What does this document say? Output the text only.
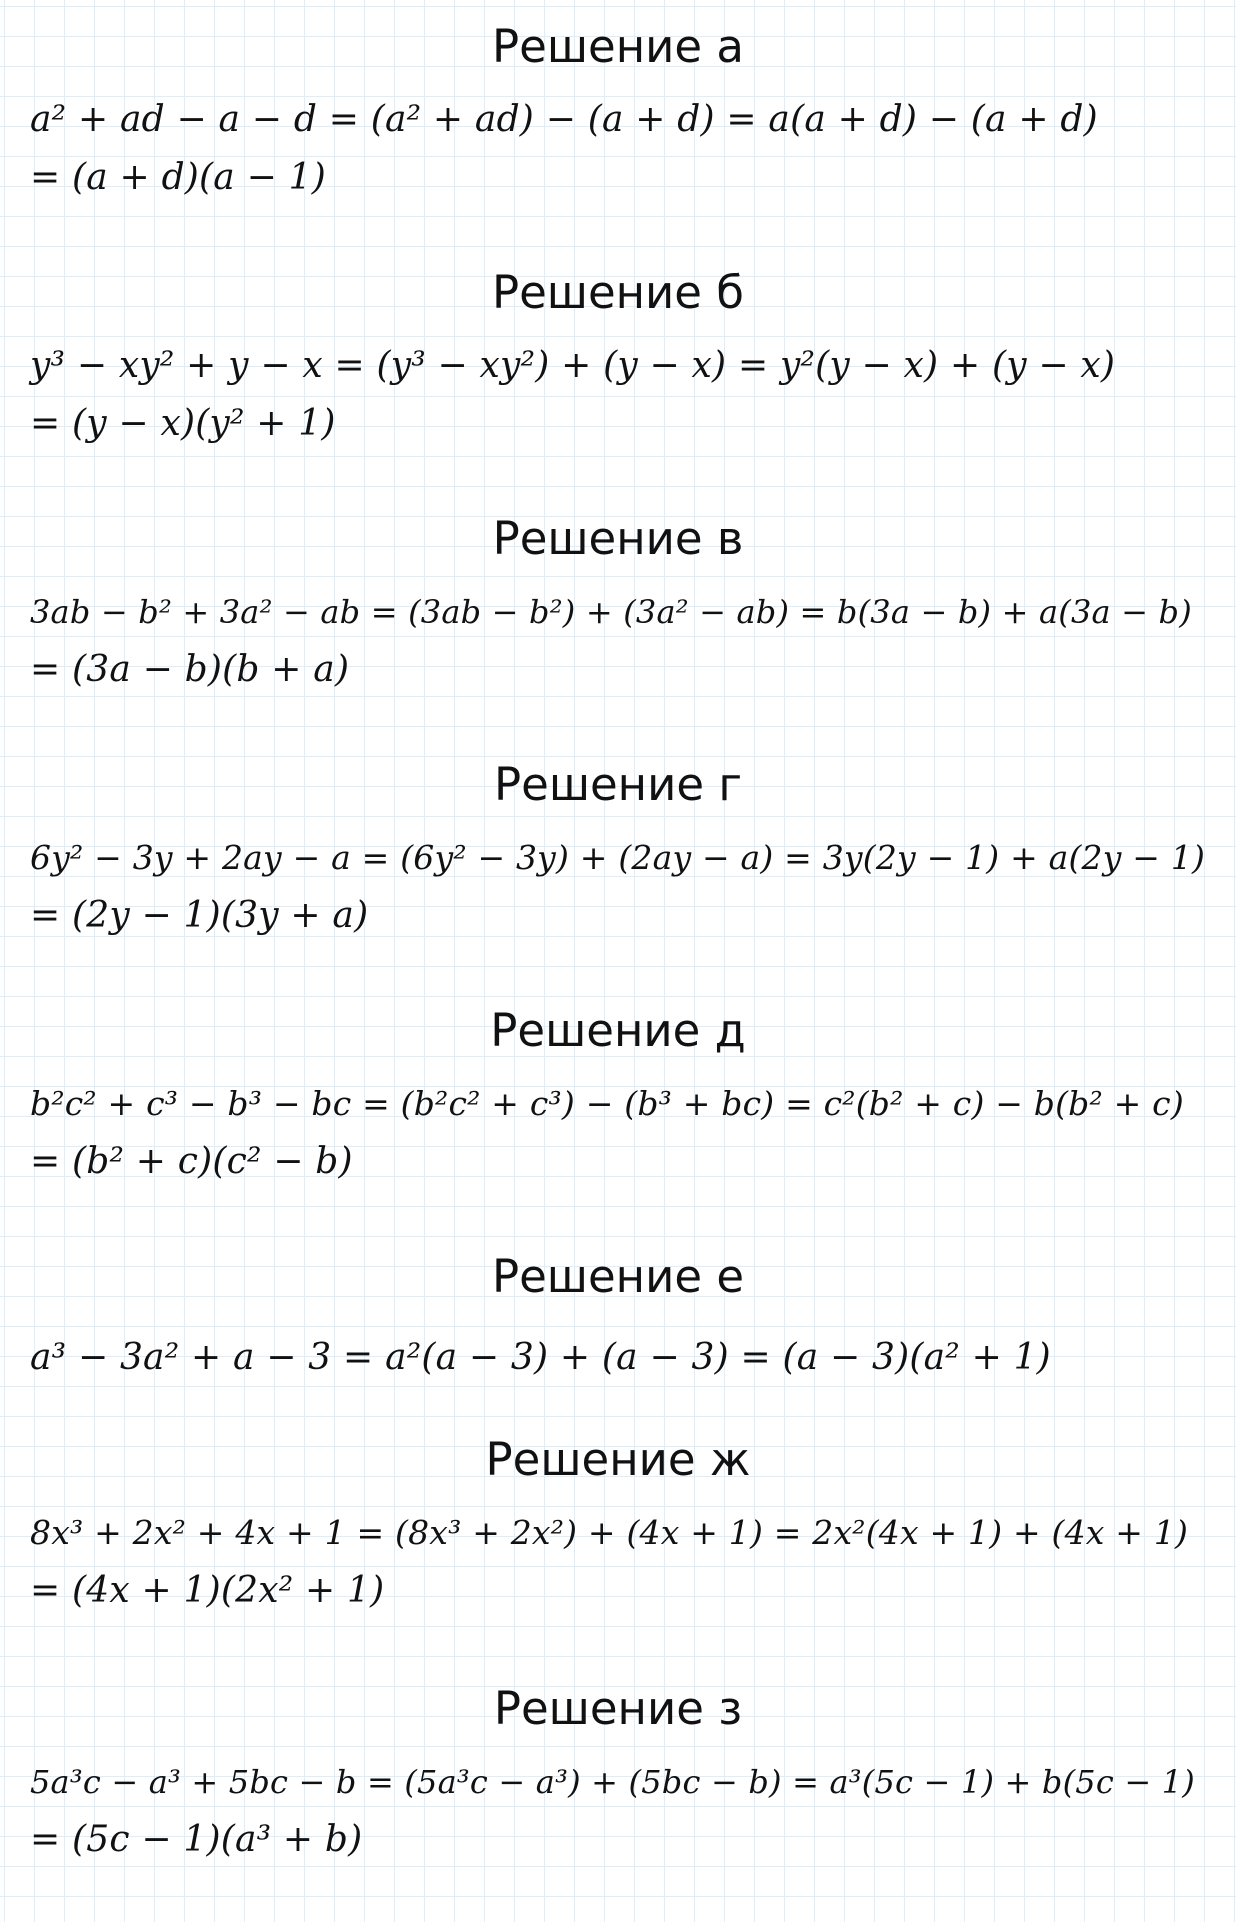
Решение а
a² + ad − a − d = (a² + ad) − (a + d) = a(a + d) − (a + d)
= (a + d)(a − 1)
Решение б
y³ − xy² + y − x = (y³ − xy²) + (y − x) = y²(y − x) + (y − x)
= (y − x)(y² + 1)
Решение в
3ab − b² + 3a² − ab = (3ab − b²) + (3a² − ab) = b(3a − b) + a(3a − b)
= (3a − b)(b + a)
Решение г
6y² − 3y + 2ay − a = (6y² − 3y) + (2ay − a) = 3y(2y − 1) + a(2y − 1)
= (2y − 1)(3y + a)
Решение д
b²c² + c³ − b³ − bc = (b²c² + c³) − (b³ + bc) = c²(b² + c) − b(b² + c)
= (b² + c)(c² − b)
Решение е
a³ − 3a² + a − 3 = a²(a − 3) + (a − 3) = (a − 3)(a² + 1)
Решение ж
8x³ + 2x² + 4x + 1 = (8x³ + 2x²) + (4x + 1) = 2x²(4x + 1) + (4x + 1)
= (4x + 1)(2x² + 1)
Решение з
5a³c − a³ + 5bc − b = (5a³c − a³) + (5bc − b) = a³(5c − 1) + b(5c − 1)
= (5c − 1)(a³ + b)
